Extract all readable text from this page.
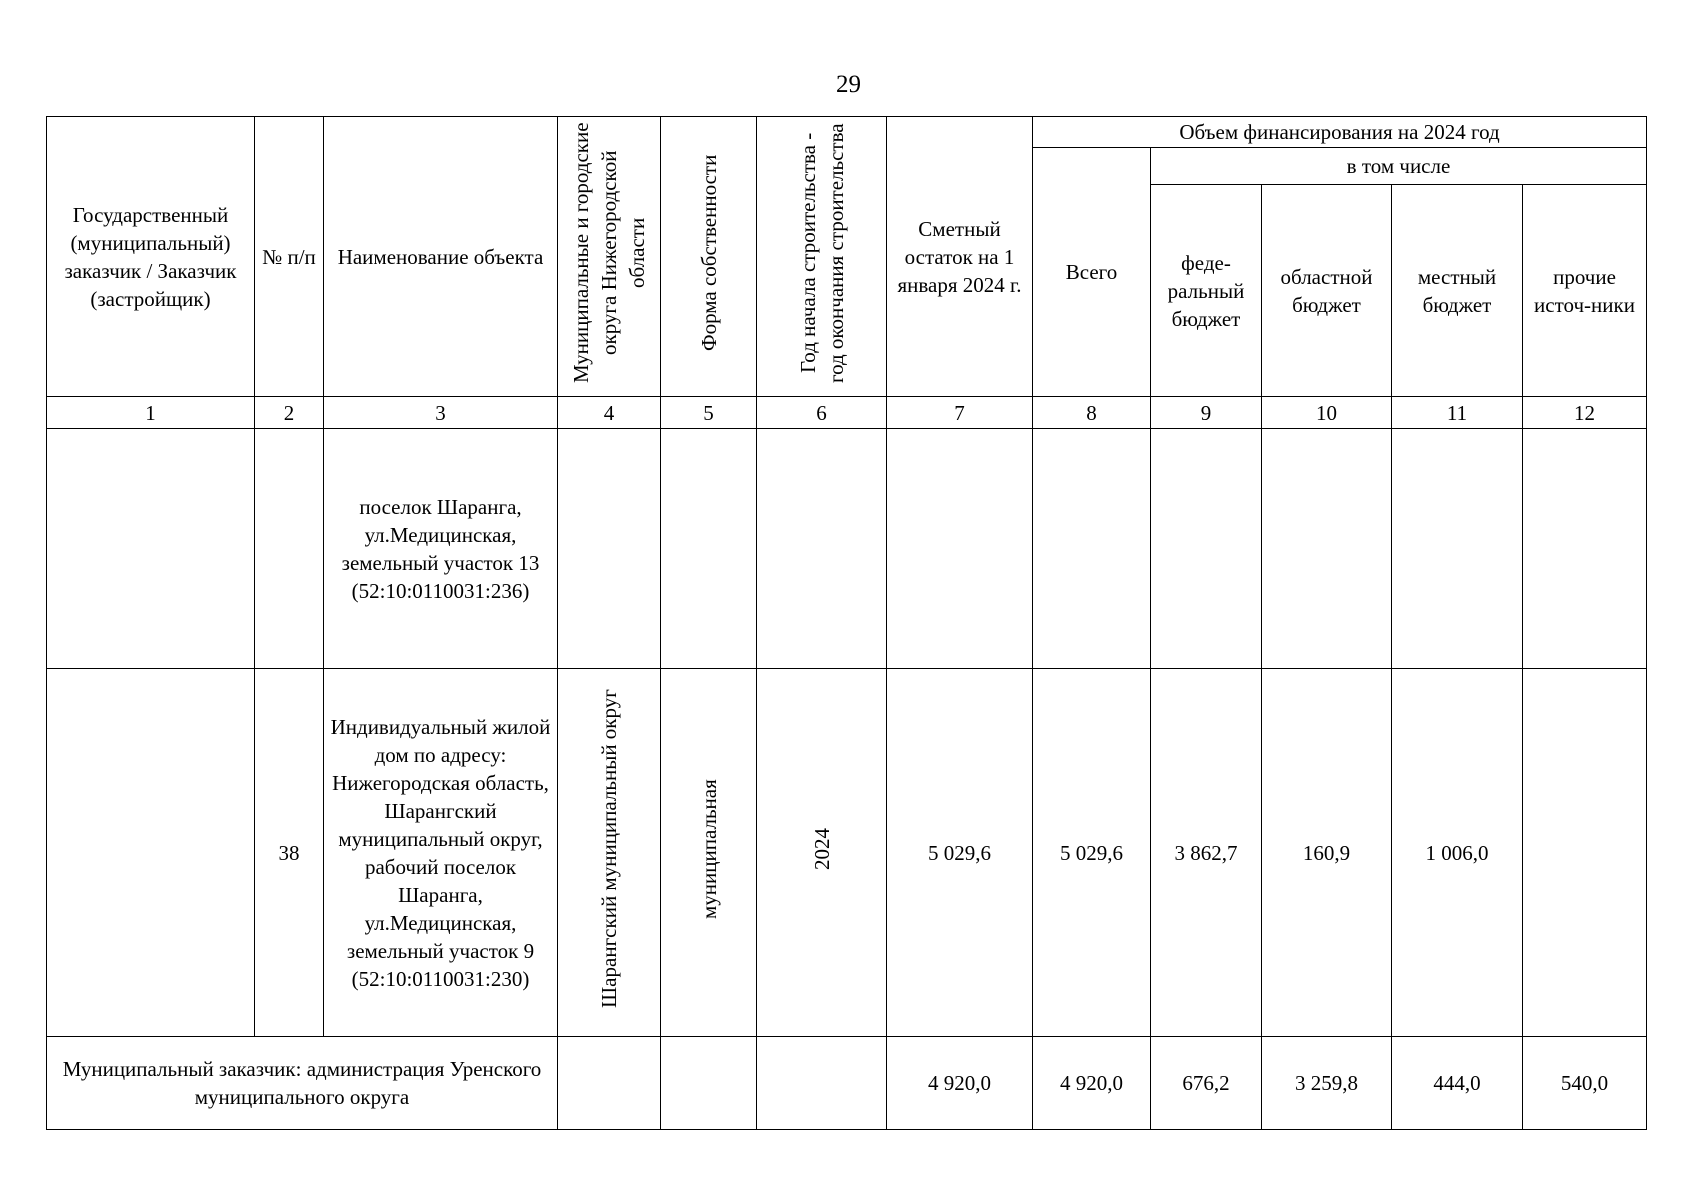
29
Государственный (муниципальный) заказчик / Заказчик (застройщик)	№ п/п	Наименование объекта	Муниципальные и городские округа Нижегородской области	Форма собственности	Год начала строительства - год окончания строительства	Сметный остаток на 1 января 2024 г.	Объем финансирования на 2024 год				
							Всего	в том числе			
								феде-ральный бюджет	областной бюджет	местный бюджет	прочие источ-ники
1	2	3	4	5	6	7	8	9	10	11	12
		поселок Шаранга, ул.Медицинская, земельный участок 13 (52:10:0110031:236)									
	38	Индивидуальный жилой дом по адресу: Нижегородская область, Шарангский муниципальный округ, рабочий поселок Шаранга, ул.Медицинская, земельный участок 9 (52:10:0110031:230)	Шарангский муниципальный округ	муниципальная	2024	5 029,6	5 029,6	3 862,7	160,9	1 006,0	
Муниципальный заказчик: администрация Уренского муниципального округа						4 920,0	4 920,0	676,2	3 259,8	444,0	540,0
